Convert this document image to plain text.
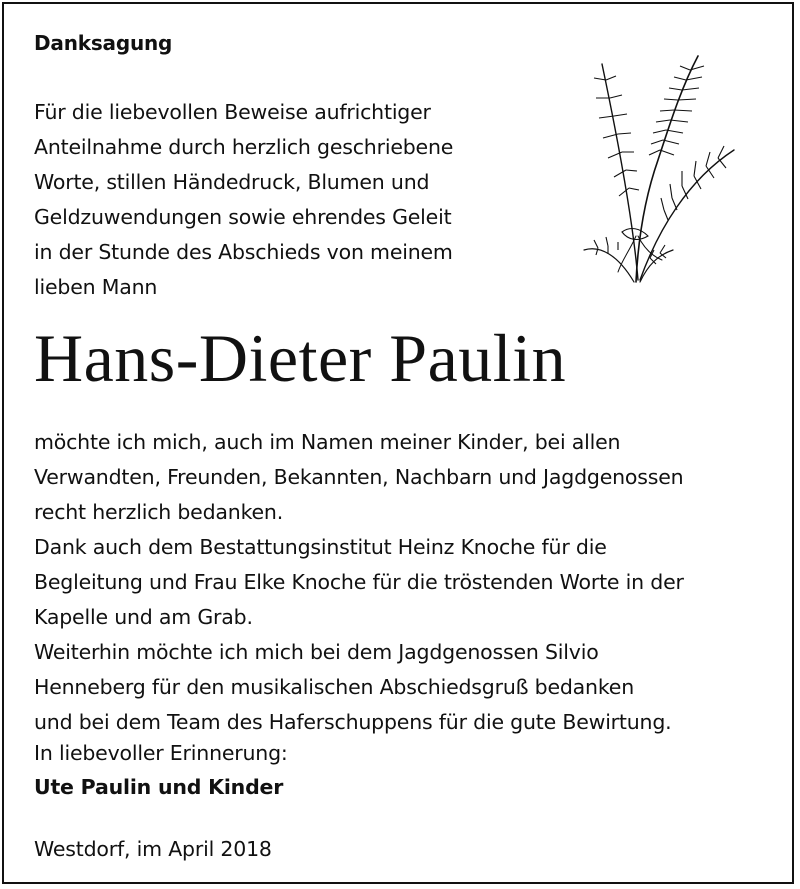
Danksagung
Für die liebevollen Beweise aufrichtiger
Anteilnahme durch herzlich geschriebene
Worte, stillen Händedruck, Blumen und
Geldzuwendungen sowie ehrendes Geleit
in der Stunde des Abschieds von meinem
lieben Mann
Hans-Dieter Paulin
möchte ich mich, auch im Namen meiner Kinder, bei allen
Verwandten, Freunden, Bekannten, Nachbarn und Jagdgenossen
recht herzlich bedanken.
Dank auch dem Bestattungsinstitut Heinz Knoche für die
Begleitung und Frau Elke Knoche für die tröstenden Worte in der
Kapelle und am Grab.
Weiterhin möchte ich mich bei dem Jagdgenossen Silvio
Henneberg für den musikalischen Abschiedsgruß bedanken
und bei dem Team des Haferschuppens für die gute Bewirtung.
In liebevoller Erinnerung:
Ute Paulin und Kinder
Westdorf, im April 2018
